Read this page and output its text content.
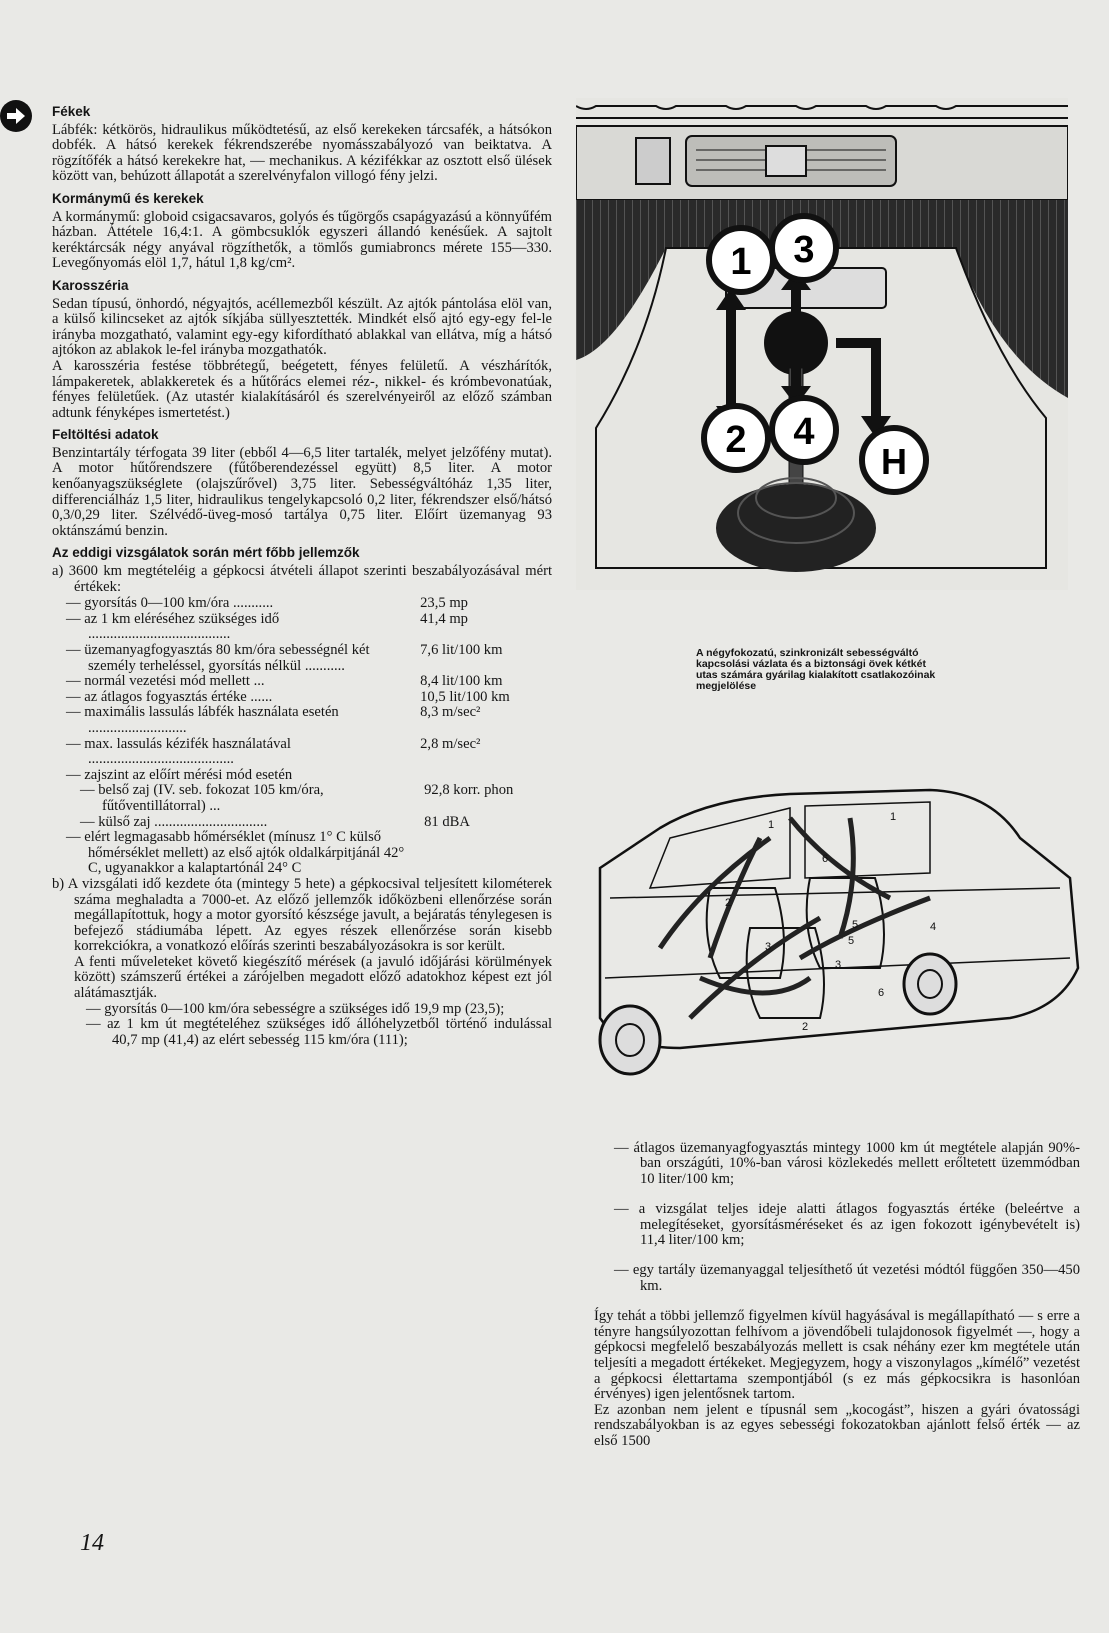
Fékek

Lábfék: kétkörös, hidraulikus működtetésű, az első kerekeken tárcsafék, a hátsókon dobfék. A hátsó kerekek fékrendszerébe nyomásszabályozó van beiktatva. A rögzítőfék a hátsó kerekekre hat, — mechanikus. A kézifékkar az osztott első ülések között van, behúzott állapotát a szerelvényfalon villogó fény jelzi.

Kormánymű és kerekek

A kormánymű: globoid csigacsavaros, golyós és tűgörgős csapágyazású a könnyűfém házban. Áttétele 16,4:1. A gömbcsuklók egyszeri állandó kenésűek. A sajtolt keréktárcsák négy anyával rögzíthetők, a tömlős gumiabroncs mérete 155—330. Levegőnyomás elöl 1,7, hátul 1,8 kg/cm².

Karosszéria

Sedan típusú, önhordó, négyajtós, acéllemezből készült. Az ajtók pántolása elöl van, a külső kilincseket az ajtók síkjába süllyesztették. Mindkét első ajtó egy-egy fel-le irányba mozgatható, valamint egy-egy kifordítható ablakkal van ellátva, míg a hátsó ajtókon az ablakok le-fel irányba mozgathatók.

A karosszéria festése többrétegű, beégetett, fényes felületű. A vészhárítók, lámpakeretek, ablakkeretek és a hűtőrács elemei réz-, nikkel- és krómbevonatúak, fényes felületűek. (Az utastér kialakításáról és szerelvényeiről az előző számban adtunk fényképes ismertetést.)

Feltöltési adatok

Benzintartály térfogata 39 liter (ebből 4—6,5 liter tartalék, melyet jelzőfény mutat). A motor hűtőrendszere (fűtőberendezéssel együtt) 8,5 liter. A motor kenőanyagszükséglete (olajszűrővel) 3,75 liter. Sebességváltóház 1,35 liter, differenciálház 1,5 liter, hidraulikus tengelykapcsoló 0,2 liter, fékrendszer első/hátsó 0,3/0,29 liter. Szélvédő-üveg-mosó tartálya 0,75 liter. Előírt üzemanyag 93 oktánszámú benzin.

Az eddigi vizsgálatok során mért főbb jellemzők

a) 3600 km megtételéig a gépkocsi átvételi állapot szerinti beszabályozásával mért értékek:

— gyorsítás 0—100 km/óra ...........	23,5 mp
— az 1 km eléréséhez szükséges idő .......................................
41,4 mp
— üzemanyagfogyasztás 80 km/óra sebességnél két személy terheléssel, gyorsítás nélkül ...........
7,6 lit/100 km
— normál vezetési mód mellett ...	8,4 lit/100 km
— az átlagos fogyasztás értéke ......	10,5 lit/100 km
— maximális lassulás lábfék használata esetén ...........................
8,3 m/sec²
— max. lassulás kézifék használatával ........................................
2,8 m/sec²
— zajszint az előírt mérési mód esetén
— belső zaj (IV. seb. fokozat 105 km/óra, fűtőventillátorral) ...
92,8 korr. phon
— külső zaj ...............................	81 dBA
— elért legmagasabb hőmérséklet (mínusz 1° C külső hőmérséklet mellett) az első ajtók oldalkárpitjánál 42° C, ugyanakkor a kalaptartónál 24° C

b) A vizsgálati idő kezdete óta (mintegy 5 hete) a gépkocsival teljesített kilométerek száma meghaladta a 7000-et. Az előző jellemzők időközbeni ellenőrzése során megállapítottuk, hogy a motor gyorsító készsége javult, a bejáratás ténylegesen is befejező stádiumába lépett. Az egyes részek ellenőrzése során kisebb korrekciókra, a vonatkozó előírás szerinti beszabályozásokra is sor került.

A fenti műveleteket követő kiegészítő mérések (a javuló időjárási körülmények között) számszerű értékei a zárójelben megadott előző adatokhoz képest ezt jól alátámasztják.

— gyorsítás 0—100 km/óra sebességre a szükséges idő 19,9 mp (23,5);

— az 1 km út megtételéhez szükséges idő állóhelyzetből történő indulással 40,7 mp (41,4) az elért sebesség 115 km/óra (111);

1 3
2 4
H
A négyfokozatú, szinkronizált sebességváltó kapcsolási vázlata és a biztonsági övek kétkét utas számára gyárilag kialakított csatlakozóinak megjelölése
1
1
2
2
3
3
4
5
5
6
6

— átlagos üzemanyagfogyasztás mintegy 1000 km út megtétele alapján 90%-ban országúti, 10%-ban városi közlekedés mellett erőltetett üzemmódban 10 liter/100 km;

— a vizsgálat teljes ideje alatti átlagos fogyasztás értéke (beleértve a melegítéseket, gyorsításméréseket és az igen fokozott igénybevételt is) 11,4 liter/100 km;

— egy tartály üzemanyaggal teljesíthető út vezetési módtól függően 350—450 km.

Így tehát a többi jellemző figyelmen kívül hagyásával is megállapítható — s erre a tényre hangsúlyozottan felhívom a jövendőbeli tulajdonosok figyelmét —, hogy a gépkocsi megfelelő beszabályozás mellett is csak néhány ezer km megtétele után teljesíti a megadott értékeket. Megjegyzem, hogy a viszonylagos „kímélő” vezetést a gépkocsi élettartama szempontjából (s ez más gépkocsikra is hasonlóan érvényes) igen jelentősnek tartom.

Ez azonban nem jelent e típusnál sem „kocogást”, hiszen a gyári óvatossági rendszabályokban is az egyes sebességi fokozatokban ajánlott felső érték — az első 1500

14
